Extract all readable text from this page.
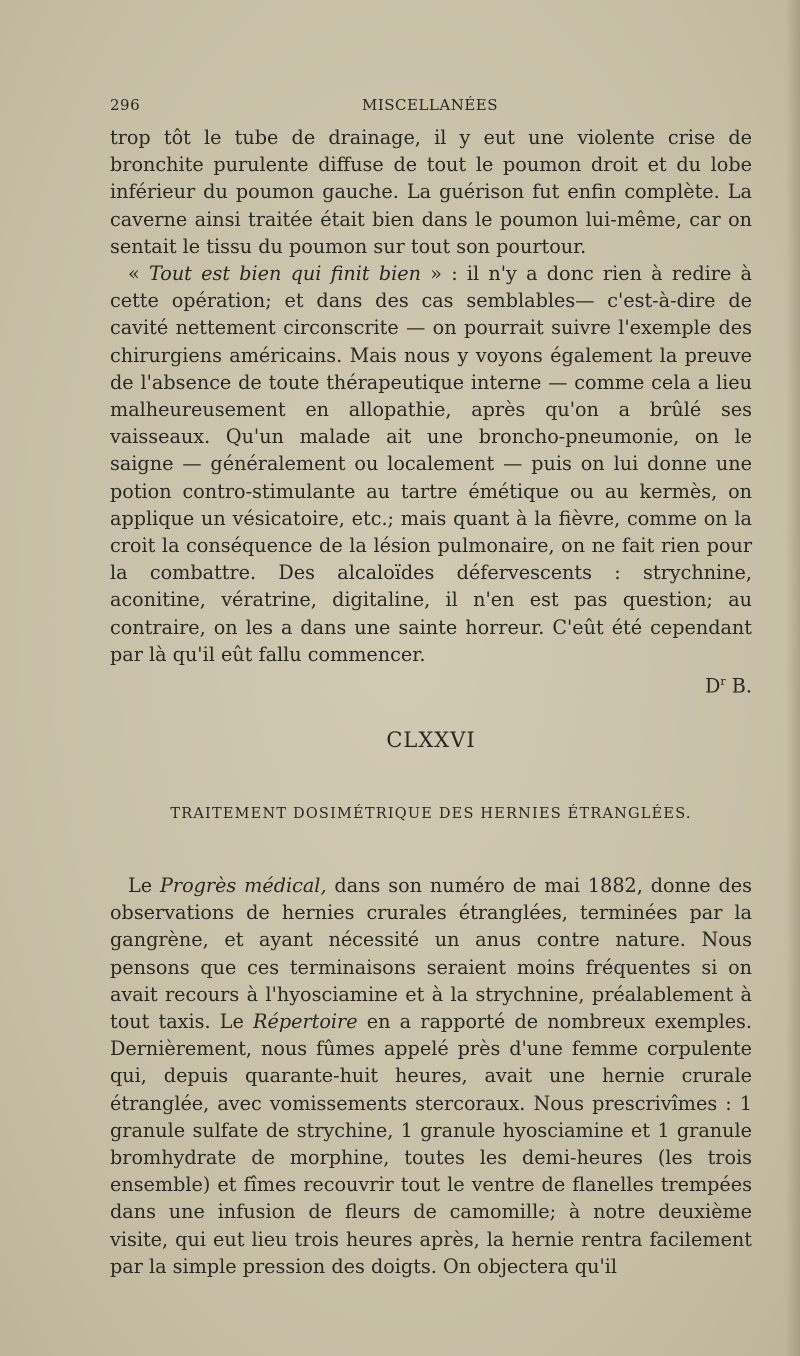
296	MISCELLANÉES

trop tôt le tube de drainage, il y eut une violente crise de bronchite purulente diffuse de tout le poumon droit et du lobe inférieur du poumon gauche. La guérison fut enfin complète. La caverne ainsi traitée était bien dans le poumon lui-même, car on sentait le tissu du poumon sur tout son pourtour.

« Tout est bien qui finit bien » : il n'y a donc rien à redire à cette opération; et dans des cas semblables— c'est-à-dire de cavité nettement circonscrite — on pourrait suivre l'exemple des chirurgiens américains. Mais nous y voyons également la preuve de l'absence de toute thérapeutique interne — comme cela a lieu malheureusement en allopathie, après qu'on a brûlé ses vaisseaux. Qu'un malade ait une broncho-pneumonie, on le saigne — généralement ou localement — puis on lui donne une potion contro-stimulante au tartre émétique ou au kermès, on applique un vésicatoire, etc.; mais quant à la fièvre, comme on la croit la conséquence de la lésion pulmonaire, on ne fait rien pour la combattre. Des alcaloïdes défervescents : strychnine, aconitine, vératrine, digitaline, il n'en est pas question; au contraire, on les a dans une sainte horreur. C'eût été cependant par là qu'il eût fallu commencer.

$D^r$ B.

CLXXVI
TRAITEMENT DOSIMÉTRIQUE DES HERNIES ÉTRANGLÉES.

Le Progrès médical, dans son numéro de mai 1882, donne des observations de hernies crurales étranglées, terminées par la gangrène, et ayant nécessité un anus contre nature. Nous pensons que ces terminaisons seraient moins fréquentes si on avait recours à l'hyosciamine et à la strychnine, préalablement à tout taxis. Le Répertoire en a rapporté de nombreux exemples. Dernièrement, nous fûmes appelé près d'une femme corpulente qui, depuis quarante-huit heures, avait une hernie crurale étranglée, avec vomissements stercoraux. Nous prescrivîmes : 1 granule sulfate de strychine, 1 granule hyosciamine et 1 granule bromhydrate de morphine, toutes les demi-heures (les trois ensemble) et fîmes recouvrir tout le ventre de flanelles trempées dans une infusion de fleurs de camomille; à notre deuxième visite, qui eut lieu trois heures après, la hernie rentra facilement par la simple pression des doigts. On objectera qu'il
